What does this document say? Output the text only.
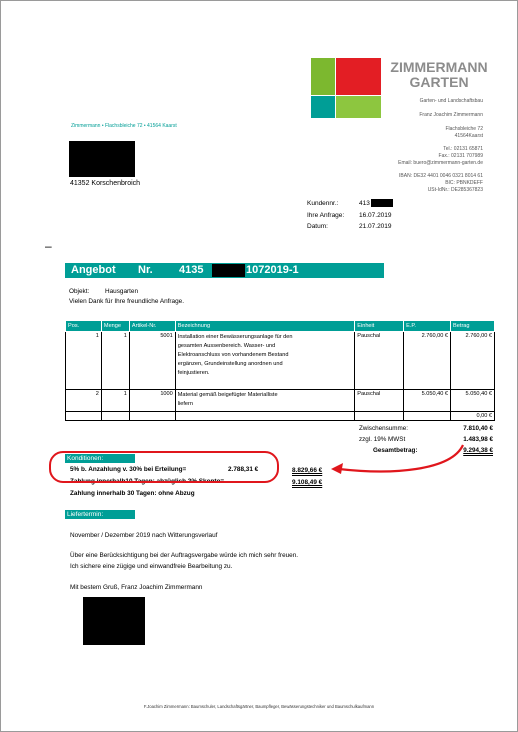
ZIMMERMANN
GARTEN
Garten- und Landschaftsbau
Franz Joachim Zimmermann
Flachsbleiche 72
41564Kaarst
Tel.: 02131 65871
Fax.: 02131 707989
Email: buero@zimmermann-garten.de
IBAN: DE32 4401 0046 0321 8014 61
BIC: PBNKDEFF
USt-IdNr.: DE285367823
Zimmermann • Flachsbleiche 72 • 41564 Kaarst
41352 Korschenbroich
Kundennr.:	413
Ihre Anfrage: 16.07.2019
Datum:	21.07.2019
–
Angebot Nr. 4135	1072019-1
Objekt: Hausgarten
Vielen Dank für Ihre freundliche Anfrage.
Pos.	Menge	Artikel-Nr.	Bezeichnung	Einheit	E.P.	Betrag
1	1	5001	Installation einer Bewässerungsanlage für den
gesamten Aussenbereich. Wasser- und
Elektroanschluss von vorhandenem Bestand
ergänzen, Grundeinstellung anordnen und
feinjustieren.	Pauschal	2.760,00 €	2.760,00 €
2	1	1000	Material gemäß beigefügter Materialliste
liefern	Pauschal	5.050,40 €	5.050,40 €
						0,00 €
Zwischensumme:	7.810,40 €
zzgl. 19% MWSt	1.483,98 €
Gesamtbetrag:	9.294,38 €
Konditionen:
5% b. Anzahlung v. 30% bei Erteilung=	2.788,31 €	8.829,66 €
Zahlung innerhalb10 Tagen: abzüglich 2% Skonto=	9.108,49 €
Zahlung innerhalb 30 Tagen: ohne Abzug
Liefertermin:
November / Dezember 2019 nach Witterungsverlauf
Über eine Berücksichtigung bei der Auftragsvergabe würde ich mich sehr freuen.
Ich sichere eine zügige und einwandfreie Bearbeitung zu.
Mit bestem Gruß, Franz Joachim Zimmermann
F.Joachim Zimmermann: Baumschuler, Landschaftsgärtner, Baumpfleger, Bewässerungstechniker und Baumschulkaufmann
